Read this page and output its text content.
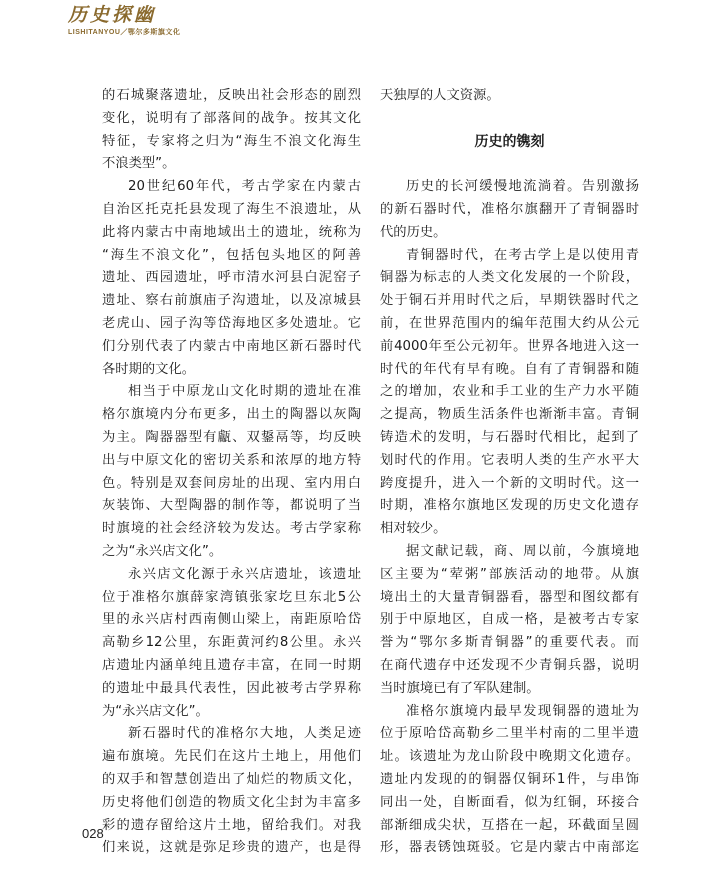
历史探幽
LISHITANYOU／鄂尔多斯旗文化
的石城聚落遗址，反映出社会形态的剧烈
变化，说明有了部落间的战争。按其文化
特征，专家将之归为“海生不浪文化海生
不浪类型”。
20世纪60年代，考古学家在内蒙古
自治区托克托县发现了海生不浪遗址，从
此将内蒙古中南地域出土的遗址，统称为
“海生不浪文化”，包括包头地区的阿善
遗址、西园遗址，呼市清水河县白泥窑子
遗址、察右前旗庙子沟遗址，以及凉城县
老虎山、园子沟等岱海地区多处遗址。它
们分别代表了内蒙古中南地区新石器时代
各时期的文化。
相当于中原龙山文化时期的遗址在准
格尔旗境内分布更多，出土的陶器以灰陶
为主。陶器器型有甗、双鋬鬲等，均反映
出与中原文化的密切关系和浓厚的地方特
色。特别是双套间房址的出现、室内用白
灰装饰、大型陶器的制作等，都说明了当
时旗境的社会经济较为发达。考古学家称
之为“永兴店文化”。
永兴店文化源于永兴店遗址，该遗址
位于准格尔旗薛家湾镇张家圪旦东北5公
里的永兴店村西南侧山梁上，南距原哈岱
高勒乡12公里，东距黄河约8公里。永兴
店遗址内涵单纯且遗存丰富，在同一时期
的遗址中最具代表性，因此被考古学界称
为“永兴店文化”。
新石器时代的准格尔大地，人类足迹
遍布旗境。先民们在这片土地上，用他们
的双手和智慧创造出了灿烂的物质文化，
历史将他们创造的物质文化尘封为丰富多
彩的遗存留给这片土地，留给我们。对我
们来说，这就是弥足珍贵的遗产，也是得
天独厚的人文资源。
历史的镌刻
历史的长河缓慢地流淌着。告别激扬
的新石器时代，准格尔旗翻开了青铜器时
代的历史。
青铜器时代，在考古学上是以使用青
铜器为标志的人类文化发展的一个阶段，
处于铜石并用时代之后，早期铁器时代之
前，在世界范围内的编年范围大约从公元
前4000年至公元初年。世界各地进入这一
时代的年代有早有晚。自有了青铜器和随
之的增加，农业和手工业的生产力水平随
之提高，物质生活条件也渐渐丰富。青铜
铸造术的发明，与石器时代相比，起到了
划时代的作用。它表明人类的生产水平大
跨度提升，进入一个新的文明时代。这一
时期，准格尔旗地区发现的历史文化遗存
相对较少。
据文献记载，商、周以前，今旗境地
区主要为“荤粥”部族活动的地带。从旗
境出土的大量青铜器看，器型和图纹都有
别于中原地区，自成一格，是被考古专家
誉为“鄂尔多斯青铜器”的重要代表。而
在商代遗存中还发现不少青铜兵器，说明
当时旗境已有了军队建制。
准格尔旗境内最早发现铜器的遗址为
位于原哈岱高勒乡二里半村南的二里半遗
址。该遗址为龙山阶段中晚期文化遗存。
遗址内发现的的铜器仅铜环1件，与串饰
同出一处，自断面看，似为红铜，环接合
部渐细成尖状，互搭在一起，环截面呈圆
形，器表锈蚀斑驳。它是内蒙古中南部迄
028
